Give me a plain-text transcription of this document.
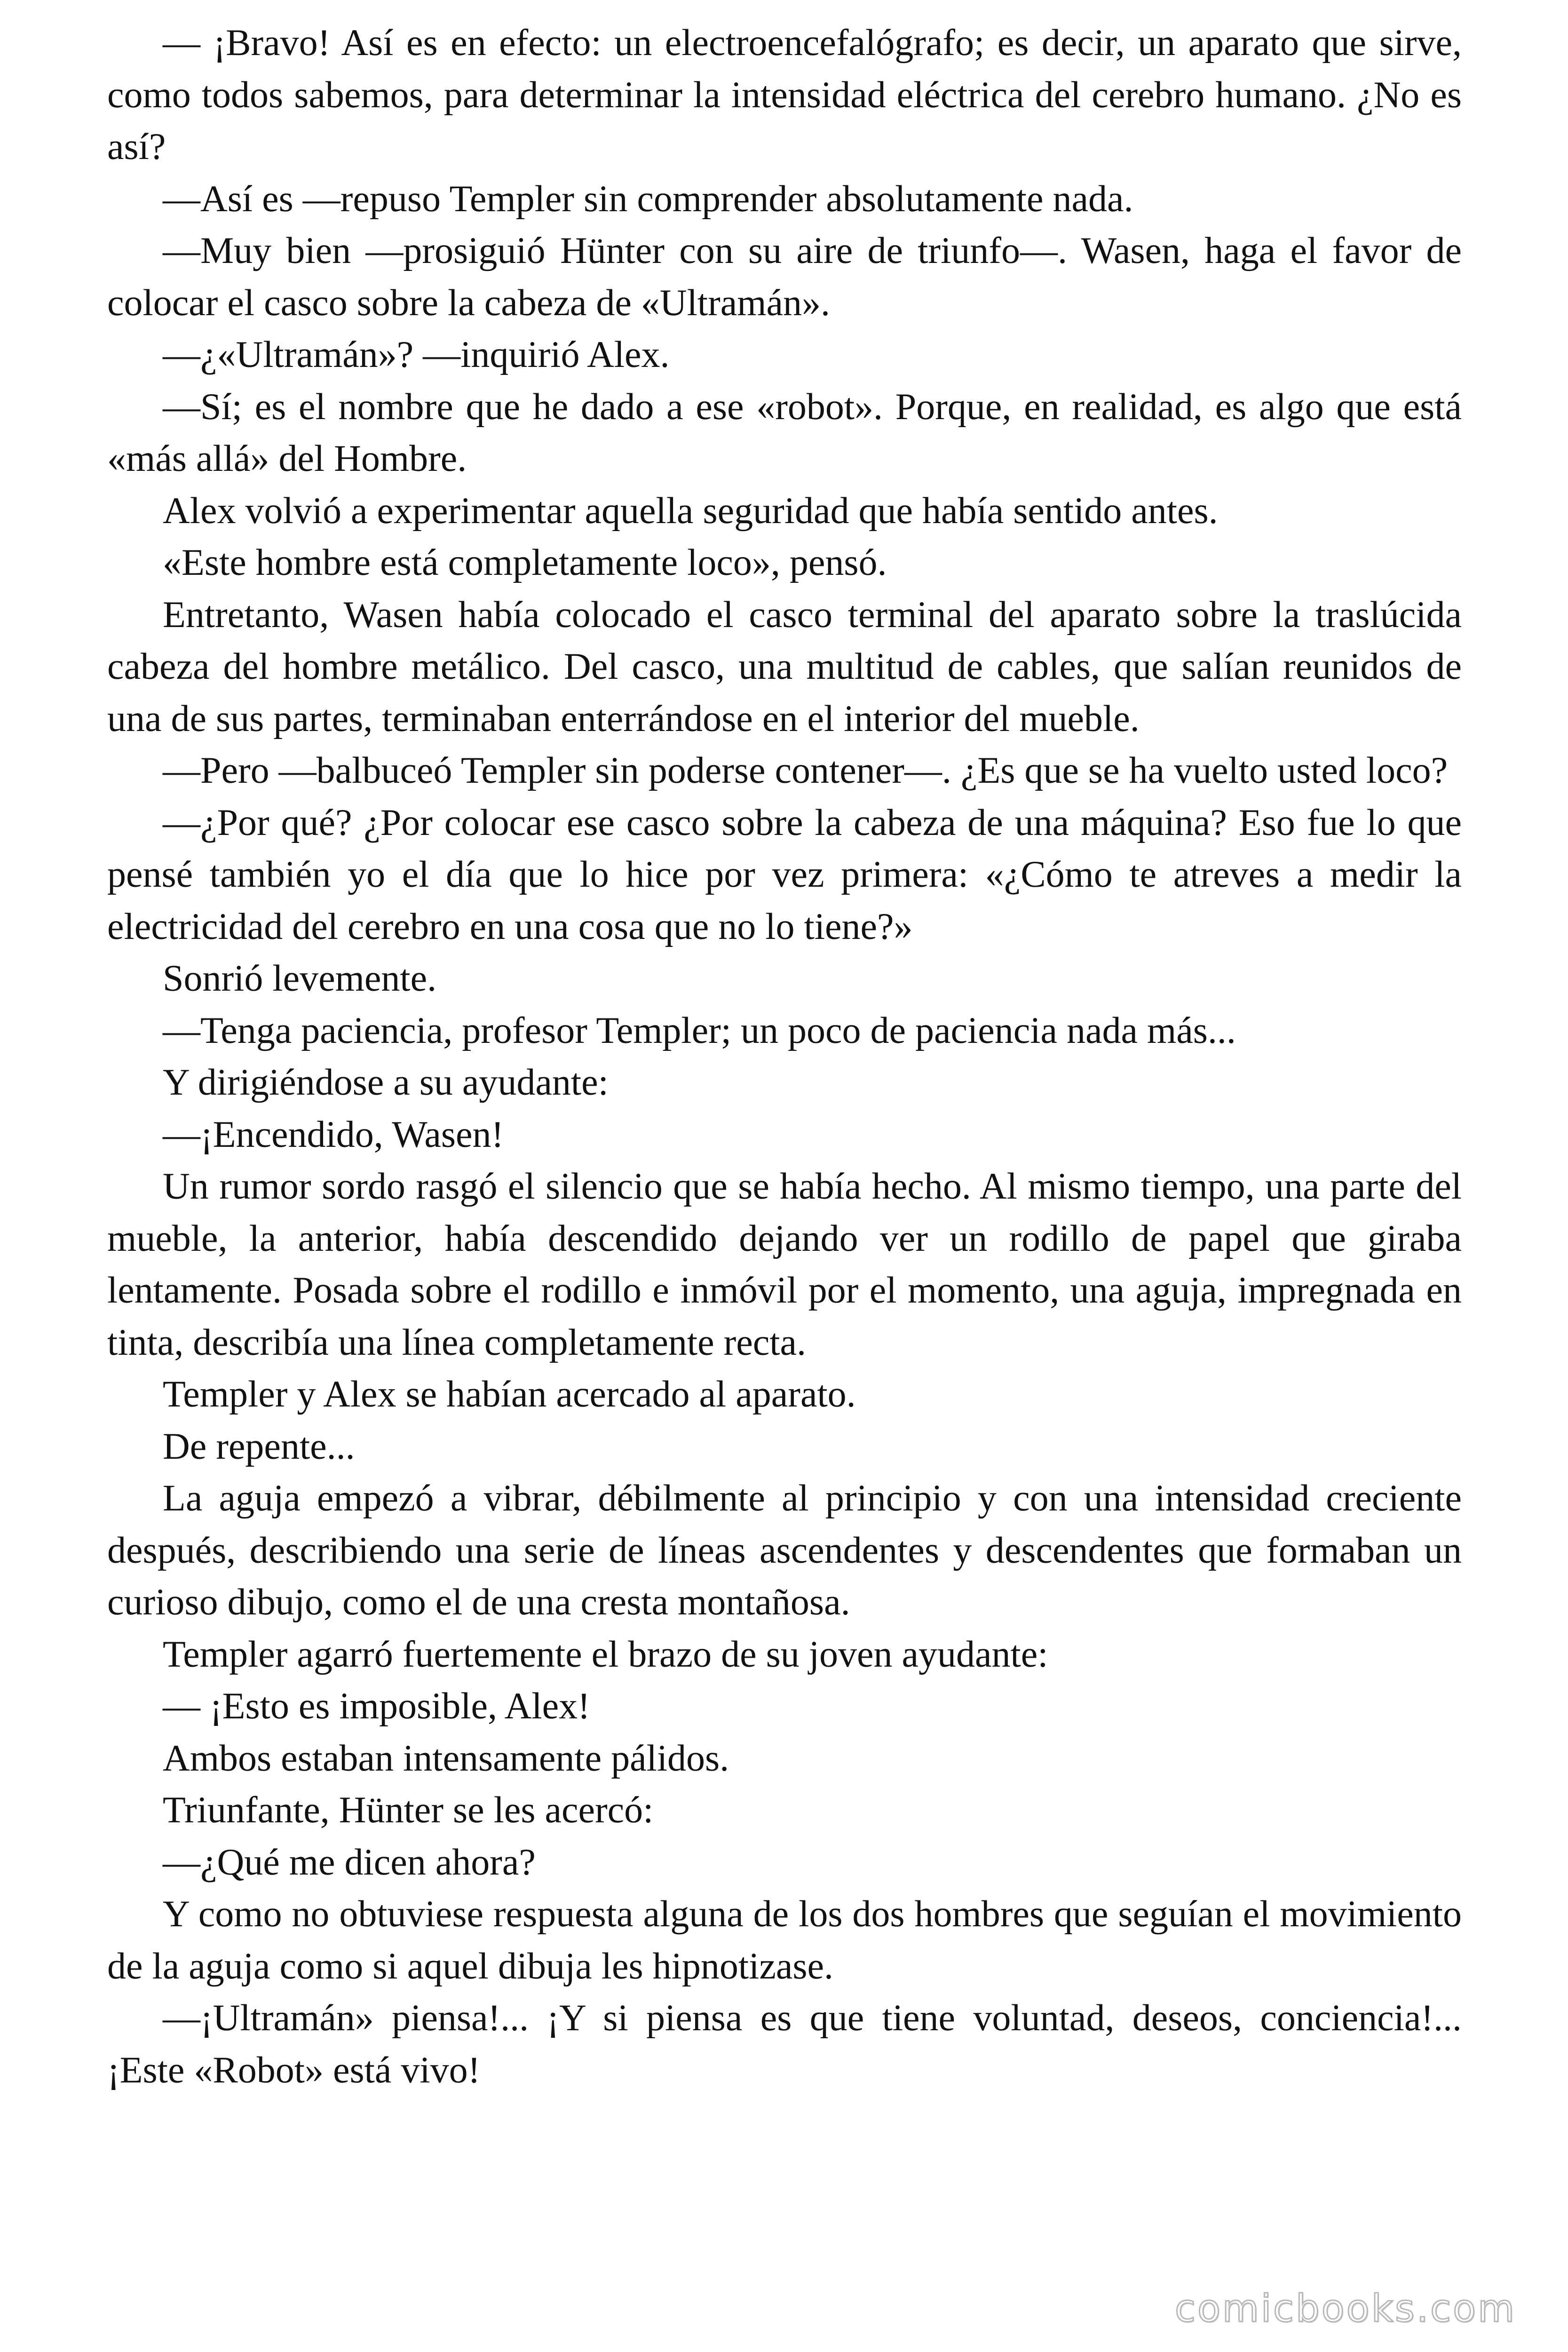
— ¡Bravo! Así es en efecto: un electroencefalógrafo; es decir, un aparato que sirve, como todos sabemos, para determinar la intensidad eléctrica del cerebro humano. ¿No es así?

—Así es —repuso Templer sin comprender absolutamente nada.

—Muy bien —prosiguió Hünter con su aire de triunfo—. Wasen, haga el favor de colocar el casco sobre la cabeza de «Ultramán».

—¿«Ultramán»? —inquirió Alex.

—Sí; es el nombre que he dado a ese «robot». Porque, en realidad, es algo que está «más allá» del Hombre.

Alex volvió a experimentar aquella seguridad que había sentido antes.

«Este hombre está completamente loco», pensó.

Entretanto, Wasen había colocado el casco terminal del aparato sobre la traslúcida cabeza del hombre metálico. Del casco, una multitud de cables, que salían reunidos de una de sus partes, terminaban enterrándose en el interior del mueble.

—Pero —balbuceó Templer sin poderse contener—. ¿Es que se ha vuelto usted loco?

—¿Por qué? ¿Por colocar ese casco sobre la cabeza de una máquina? Eso fue lo que pensé también yo el día que lo hice por vez primera: «¿Cómo te atreves a medir la electricidad del cerebro en una cosa que no lo tiene?»

Sonrió levemente.

—Tenga paciencia, profesor Templer; un poco de paciencia nada más...

Y dirigiéndose a su ayudante:

—¡Encendido, Wasen!

Un rumor sordo rasgó el silencio que se había hecho. Al mismo tiempo, una parte del mueble, la anterior, había descendido dejando ver un rodillo de papel que giraba lentamente. Posada sobre el rodillo e inmóvil por el momento, una aguja, impregnada en tinta, describía una línea completamente recta.

Templer y Alex se habían acercado al aparato.

De repente...

La aguja empezó a vibrar, débilmente al principio y con una intensidad creciente después, describiendo una serie de líneas ascendentes y descendentes que formaban un curioso dibujo, como el de una cresta montañosa.

Templer agarró fuertemente el brazo de su joven ayudante:

— ¡Esto es imposible, Alex!

Ambos estaban intensamente pálidos.

Triunfante, Hünter se les acercó:

—¿Qué me dicen ahora?

Y como no obtuviese respuesta alguna de los dos hombres que seguían el movimiento de la aguja como si aquel dibuja les hipnotizase.

—¡Ultramán» piensa!... ¡Y si piensa es que tiene voluntad, deseos, conciencia!... ¡Este «Robot» está vivo!

comicbooks.com
